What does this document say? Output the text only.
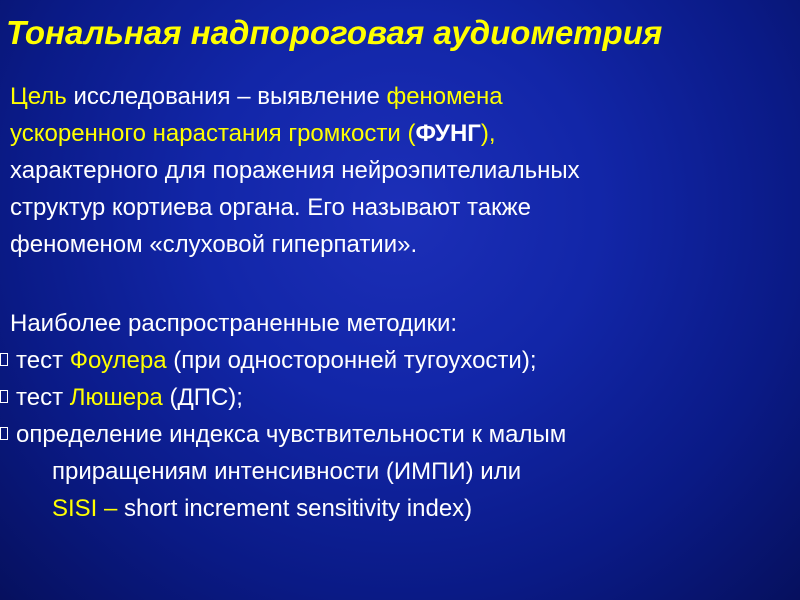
Тональная надпороговая аудиометрия
Цель исследования – выявление феномена
ускоренного нарастания громкости (ФУНГ),
характерного для поражения нейроэпителиальных
структур кортиева органа. Его называют также
феноменом «слуховой гиперпатии».
Наиболее распространенные методики:
тест Фоулера (при односторонней тугоухости);
тест Люшера (ДПС);
определение индекса чувствительности к малым
приращениям интенсивности (ИМПИ) или
SISI – short increment sensitivity index)
